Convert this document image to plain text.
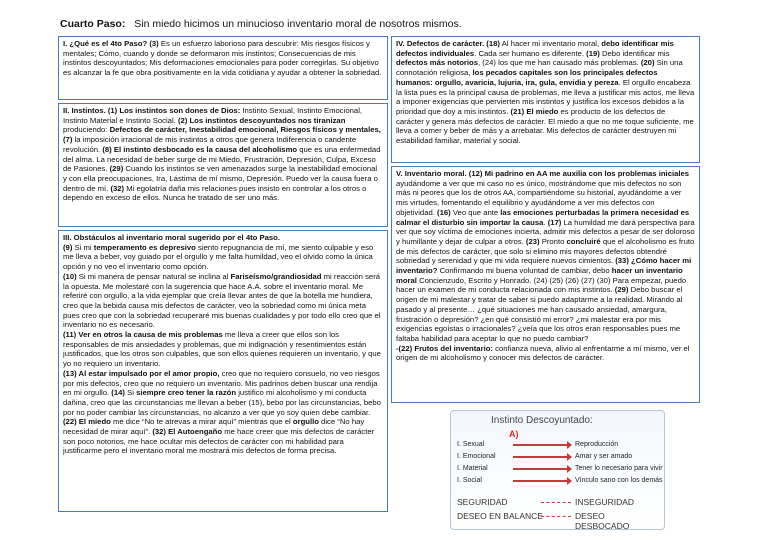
Cuarto Paso: Sin miedo hicimos un minucioso inventario moral de nosotros mismos.

I. ¿Qué es el 4to Paso? (3) Es un esfuerzo laborioso para descubrir: Mis riesgos físicos y mentales; Cómo, cuando y donde se deformaron mis instintos; Consecuencias de mis instintos descoyuntados; Mis deformaciones emocionales para poder corregirlas. Su objetivo es alcanzar la fe que obra positivamente en la vida cotidiana y ayudar a obtener la sobriedad.

II. Instintos. (1) Los instintos son dones de Dios: Instinto Sexual, Instinto Emocional, Instinto Material e Instinto Social. (2) Los instintos descoyuntados nos tiranizan produciendo: Defectos de carácter, Inestabilidad emocional, Riesgos físicos y mentales, (7) la imposición irracional de mis instintos a otros que genera Indiferencia o candente revolución. (8) El instinto desbocado es la causa del alcoholismo que es una enfermedad del alma. La necesidad de beber surge de mi Miedo, Frustración, Depresión, Culpa, Exceso de Pasiones. (29) Cuando los instintos se ven amenazados surge la inestabilidad emocional y con ella preocupaciones, Ira, Lástima de mí mismo, Depresión. Puedo ver la causa fuera o dentro de mí. (32) Mi egolatría daña mis relaciones pues insisto en controlar a los otros o dependo en exceso de ellos. Nunca he tratado de ser uno más.

III. Obstáculos al inventario moral sugerido por el 4to Paso.

(9) Si mi temperamento es depresivo siento repugnancia de mí, me siento culpable y eso me lleva a beber, voy guiado por el orgullo y me falta humildad, veo el olvido como la única opción y no veo el inventario como opción.

(10) Si mi manera de pensar natural se inclina al Fariseísmo/grandiosidad mi reacción será la opuesta. Me molestaré con la sugerencia que hace A.A. sobre el inventario moral. Me referiré con orgullo, a la vida ejemplar que creía llevar antes de que la botella me hundiera, creo que la bebida causa mis defectos de carácter, veo la sobriedad como mi única meta pues creo que con la sobriedad recuperaré mis buenas cualidades y por todo ello creo que el inventario no es necesario.

(11) Ver en otros la causa de mis problemas me lleva a creer que ellos son los responsables de mis ansiedades y problemas, que mi indignación y resentimientos están justificados, que los otros son culpables, que son ellos quienes requieren un inventario, y que yo no requiero un inventario.

(13) Al estar impulsado por el amor propio, creo que no requiero consuelo, no veo riesgos por mis defectos, creo que no requiero un inventario. Mis padrinos deben buscar una rendija en mi orgullo. (14) Si siempre creo tener la razón justifico mi alcoholismo y mi conducta dañina, creo que las circunstancias me llevan a beber (15), bebo por las circunstancias, bebo por no poder cambiar las circunstancias, no alcanzo a ver que yo soy quien debe cambiar.

(22) El miedo me dice “No te atrevas a mirar aquí” mientras que el orgullo dice “No hay necesidad de mirar aquí”. (32) El Autoengaño me hace creer que mis defectos de carácter son poco notorios, me hace ocultar mis defectos de carácter con mi habilidad para justificarme pero el inventario moral me mostrará mis defectos de forma precisa.

IV. Defectos de carácter. (18) Al hacer mi inventario moral, debo identificar mis defectos individuales. Cada ser humano es diferente. (19) Debo identificar mis defectos más notorios, (24) los que me han causado más problemas. (20) Sin una connotación religiosa, los pecados capitales son los principales defectos humanos: orgullo, avaricia, lujuria, ira, gula, envidia y pereza. El orgullo encabeza la lista pues es la principal causa de problemas, me lleva a justificar mis actos, me lleva a imponer exigencias que pervierten mis instintos y justifica los excesos debidos a la prioridad que doy a mis instintos. (21) El miedo es producto de los defectos de carácter y genera más defectos de carácter. El miedo a que no me toque suficiente, me lleva a comer y beber de más y a arrebatar. Mis defectos de carácter destruyen mi estabilidad familiar, material y social.

V. Inventario moral. (12) Mi padrino en AA me auxilia con los problemas iniciales ayudándome a ver que mi caso no es único, mostrándome que mis defectos no son más ni peores que los de otros AA, compartiéndome su historial, ayudándome a ver mis virtudes, fomentando el equilibrio y ayudándome a ver mis defectos con objetividad. (16) Veo que ante las emociones perturbadas la primera necesidad es calmar el disturbio sin importar la causa. (17) La humildad me dará perspectiva para ver que soy víctima de emociones incierta, admitir mis defectos a pesar de ser doloroso y humillante y dejar de culpar a otros. (23) Pronto concluiré que el alcoholismo es fruto de mis defectos de carácter, que solo si elimino mis mayores defectos obtendré sobriedad y serenidad y que mi vida requiere nuevos cimientos. (33) ¿Cómo hacer mi inventario? Confirmando mi buena voluntad de cambiar, debo hacer un inventario moral Concienzudo, Escrito y Honrado. (24) (25) (26) (27) (30) Para empezar, puedo hacer un examen de mi conducta relacionada con mis instintos. (29) Debo buscar el origen de mi malestar y tratar de saber si puedo adaptarme a la realidad. Mirando al pasado y al presente… ¿qué situaciones me han causado ansiedad, amargura, frustración o depresión? ¿en qué consistió mi error? ¿mi malestar era por mis exigencias egoístas o irracionales? ¿veía que los otros eran responsables pues me faltaba habilidad para aceptar lo que no puedo cambiar?

-(22) Frutos del inventario: confianza nueva, alivio al enfrentarme a mí mismo, ver el origen de mi alcoholismo y conocer mis defectos de carácter.

Instinto Descoyuntado:
A)
I. Sexual	Reproducción
I. Emocional	Amar y ser amado
I. Material	Tener lo necesario para vivir
I. Social	Vínculo sano con los demás
SEGURIDAD	INSEGURIDAD
DESEO EN BALANCE	DESEO DESBOCADO
